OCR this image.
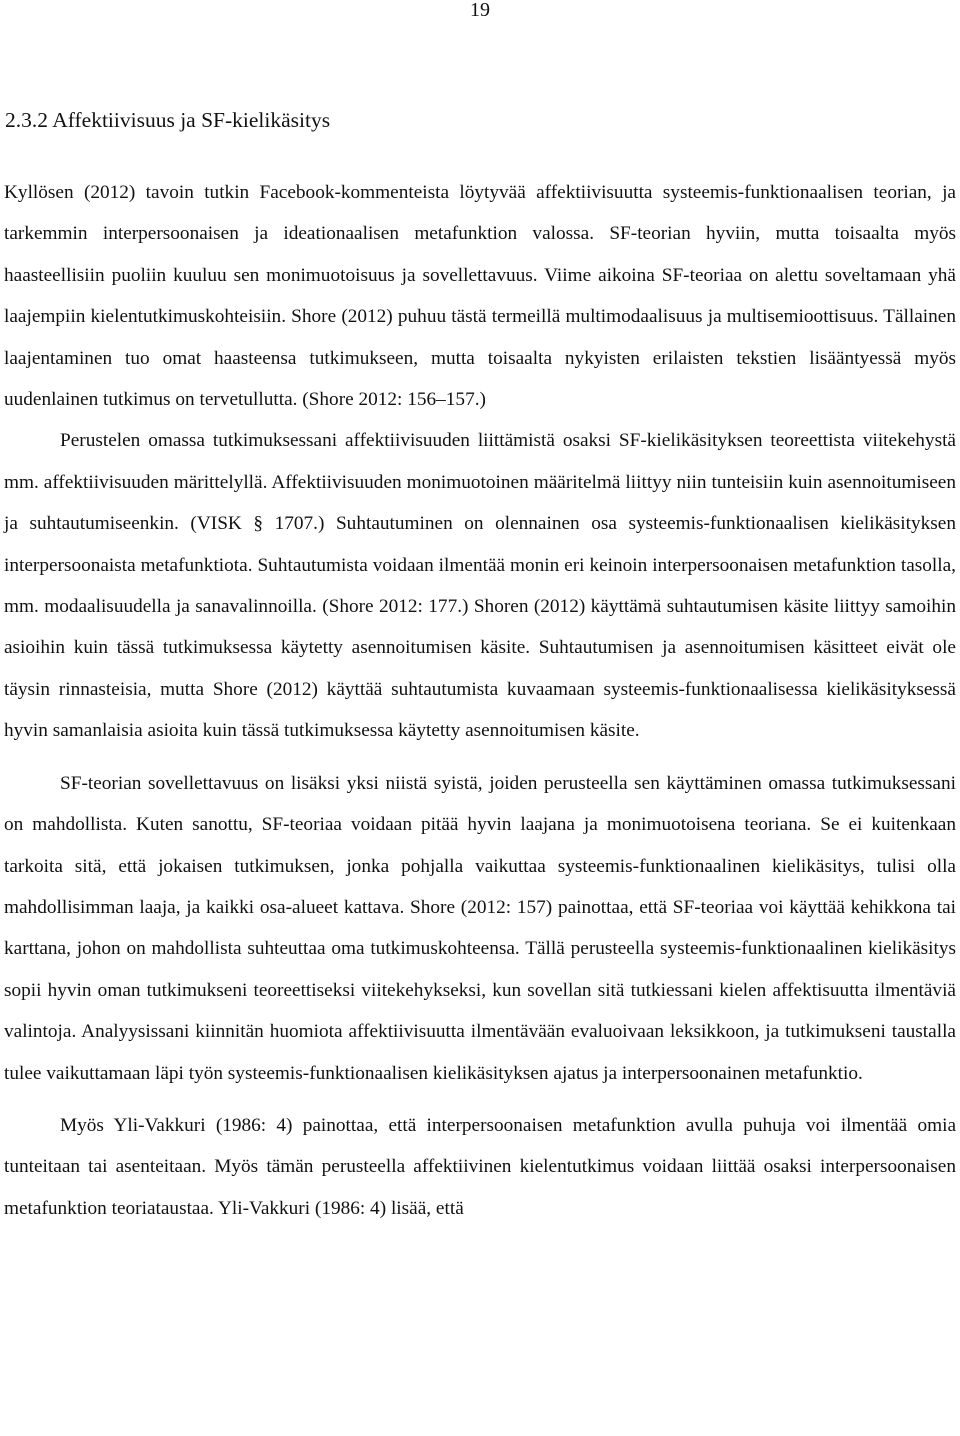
19
2.3.2 Affektiivisuus ja SF-kielikäsitys

Kyllösen (2012) tavoin tutkin Facebook-kommenteista löytyvää affektiivisuutta systeemis-funktionaalisen teorian, ja tarkemmin interpersoonaisen ja ideationaalisen metafunktion valossa. SF-teorian hyviin, mutta toisaalta myös haasteellisiin puoliin kuuluu sen monimuotoisuus ja sovellettavuus. Viime aikoina SF-teoriaa on alettu soveltamaan yhä laajempiin kielentutkimuskohteisiin. Shore (2012) puhuu tästä termeillä multimodaalisuus ja multisemioottisuus. Tällainen laajentaminen tuo omat haasteensa tutkimukseen, mutta toisaalta nykyisten erilaisten tekstien lisääntyessä myös uudenlainen tutkimus on tervetullutta. (Shore 2012: 156–157.)

Perustelen omassa tutkimuksessani affektiivisuuden liittämistä osaksi SF-kielikäsityksen teoreettista viitekehystä mm. affektiivisuuden märittelyllä. Affektiivisuuden monimuotoinen määritelmä liittyy niin tunteisiin kuin asennoitumiseen ja suhtautumiseenkin. (VISK § 1707.) Suhtautuminen on olennainen osa systeemis-funktionaalisen kielikäsityksen interpersoonaista metafunktiota. Suhtautumista voidaan ilmentää monin eri keinoin interpersoonaisen metafunktion tasolla, mm. modaalisuudella ja sanavalinnoilla. (Shore 2012: 177.) Shoren (2012) käyttämä suhtautumisen käsite liittyy samoihin asioihin kuin tässä tutkimuksessa käytetty asennoitumisen käsite. Suhtautumisen ja asennoitumisen käsitteet eivät ole täysin rinnasteisia, mutta Shore (2012) käyttää suhtautumista kuvaamaan systeemis-funktionaalisessa kielikäsityksessä hyvin samanlaisia asioita kuin tässä tutkimuksessa käytetty asennoitumisen käsite.

SF-teorian sovellettavuus on lisäksi yksi niistä syistä, joiden perusteella sen käyttäminen omassa tutkimuksessani on mahdollista. Kuten sanottu, SF-teoriaa voidaan pitää hyvin laajana ja monimuotoisena teoriana. Se ei kuitenkaan tarkoita sitä, että jokaisen tutkimuksen, jonka pohjalla vaikuttaa systeemis-funktionaalinen kielikäsitys, tulisi olla mahdollisimman laaja, ja kaikki osa-alueet kattava. Shore (2012: 157) painottaa, että SF-teoriaa voi käyttää kehikkona tai karttana, johon on mahdollista suhteuttaa oma tutkimuskohteensa. Tällä perusteella systeemis-funktionaalinen kielikäsitys sopii hyvin oman tutkimukseni teoreettiseksi viitekehykseksi, kun sovellan sitä tutkiessani kielen affektisuutta ilmentäviä valintoja. Analyysissani kiinnitän huomiota affektiivisuutta ilmentävään evaluoivaan leksikkoon, ja tutkimukseni taustalla tulee vaikuttamaan läpi työn systeemis-funktionaalisen kielikäsityksen ajatus ja interpersoonainen metafunktio.

Myös Yli-Vakkuri (1986: 4) painottaa, että interpersoonaisen metafunktion avulla puhuja voi ilmentää omia tunteitaan tai asenteitaan. Myös tämän perusteella affektiivinen kielentutkimus voidaan liittää osaksi interpersoonaisen metafunktion teoriataustaa. Yli-Vakkuri (1986: 4) lisää, että
